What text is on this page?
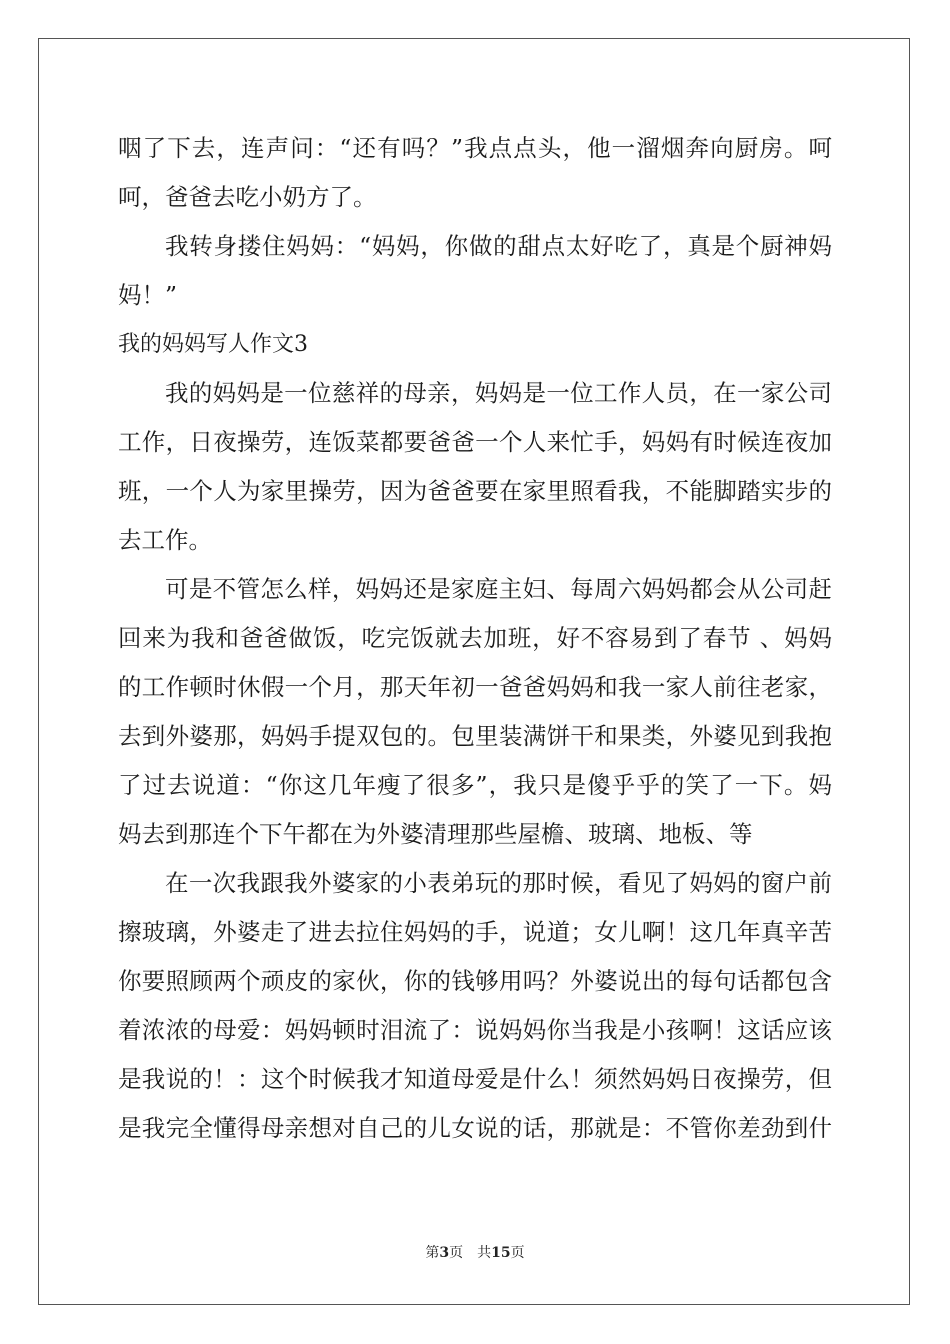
咽了下去，连声问：“还有吗？”我点点头，他一溜烟奔向厨房。呵
呵，爸爸去吃小奶方了。
我转身搂住妈妈：“妈妈，你做的甜点太好吃了，真是个厨神妈
妈！”
我的妈妈写人作文3
我的妈妈是一位慈祥的母亲，妈妈是一位工作人员，在一家公司
工作，日夜操劳，连饭菜都要爸爸一个人来忙手，妈妈有时候连夜加
班，一个人为家里操劳，因为爸爸要在家里照看我，不能脚踏实步的
去工作。
可是不管怎么样，妈妈还是家庭主妇、每周六妈妈都会从公司赶
回来为我和爸爸做饭，吃完饭就去加班，好不容易到了春节 、妈妈
的工作顿时休假一个月，那天年初一爸爸妈妈和我一家人前往老家，
去到外婆那，妈妈手提双包的。包里装满饼干和果类，外婆见到我抱
了过去说道：“你这几年瘦了很多”，我只是傻乎乎的笑了一下。妈
妈去到那连个下午都在为外婆清理那些屋檐、玻璃、地板、等
在一次我跟我外婆家的小表弟玩的那时候，看见了妈妈的窗户前
擦玻璃，外婆走了进去拉住妈妈的手，说道；女儿啊！这几年真辛苦
你要照顾两个顽皮的家伙，你的钱够用吗？外婆说出的每句话都包含
着浓浓的母爱：妈妈顿时泪流了：说妈妈你当我是小孩啊！这话应该
是我说的！：这个时候我才知道母爱是什么！须然妈妈日夜操劳，但
是我完全懂得母亲想对自己的儿女说的话，那就是：不管你差劲到什
第3页 共15页
